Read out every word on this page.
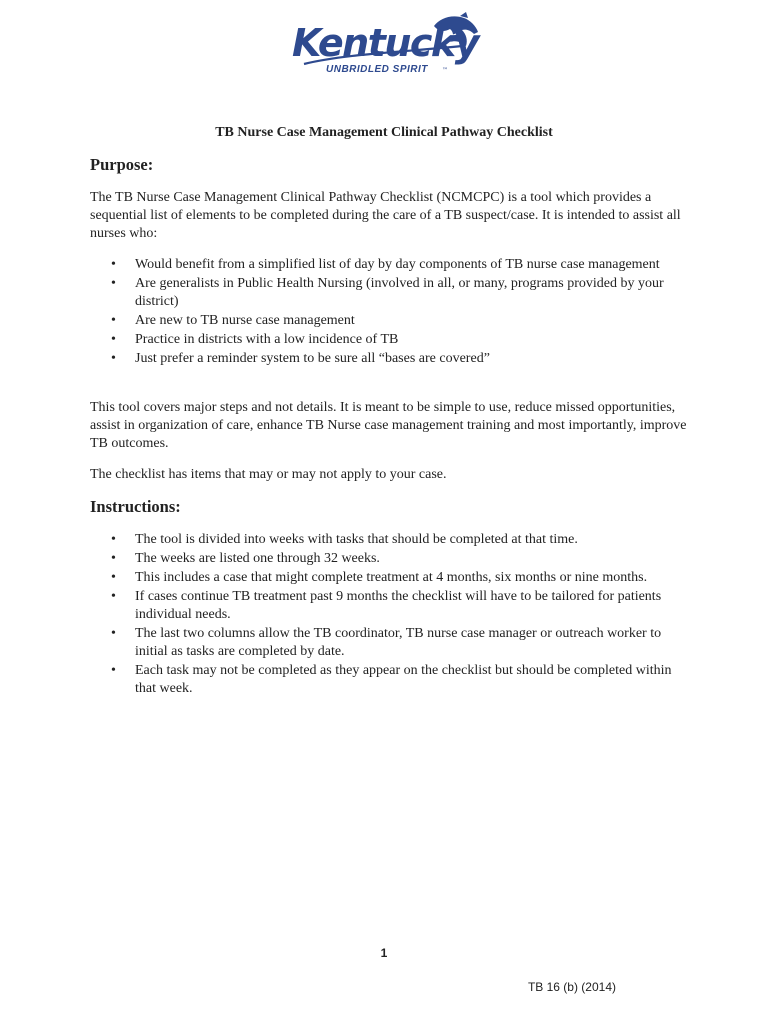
Kentucky
UNBRIDLED SPIRIT ™
TB Nurse Case Management Clinical Pathway Checklist
Purpose:
The TB Nurse Case Management Clinical Pathway Checklist (NCMCPC) is a tool which provides a sequential list of elements to be completed during the care of a TB suspect/case. It is intended to assist all nurses who:
• Would benefit from a simplified list of day by day components of TB nurse case management
• Are generalists in Public Health Nursing (involved in all, or many, programs provided by your district)
• Are new to TB nurse case management
• Practice in districts with a low incidence of TB
• Just prefer a reminder system to be sure all “bases are covered”
This tool covers major steps and not details. It is meant to be simple to use, reduce missed opportunities, assist in organization of care, enhance TB Nurse case management training and most importantly, improve TB outcomes.
The checklist has items that may or may not apply to your case.
Instructions:
• The tool is divided into weeks with tasks that should be completed at that time.
• The weeks are listed one through 32 weeks.
• This includes a case that might complete treatment at 4 months, six months or nine months.
• If cases continue TB treatment past 9 months the checklist will have to be tailored for patients individual needs.
• The last two columns allow the TB coordinator, TB nurse case manager or outreach worker to initial as tasks are completed by date.
• Each task may not be completed as they appear on the checklist but should be completed within that week.
1
TB 16 (b) (2014)
